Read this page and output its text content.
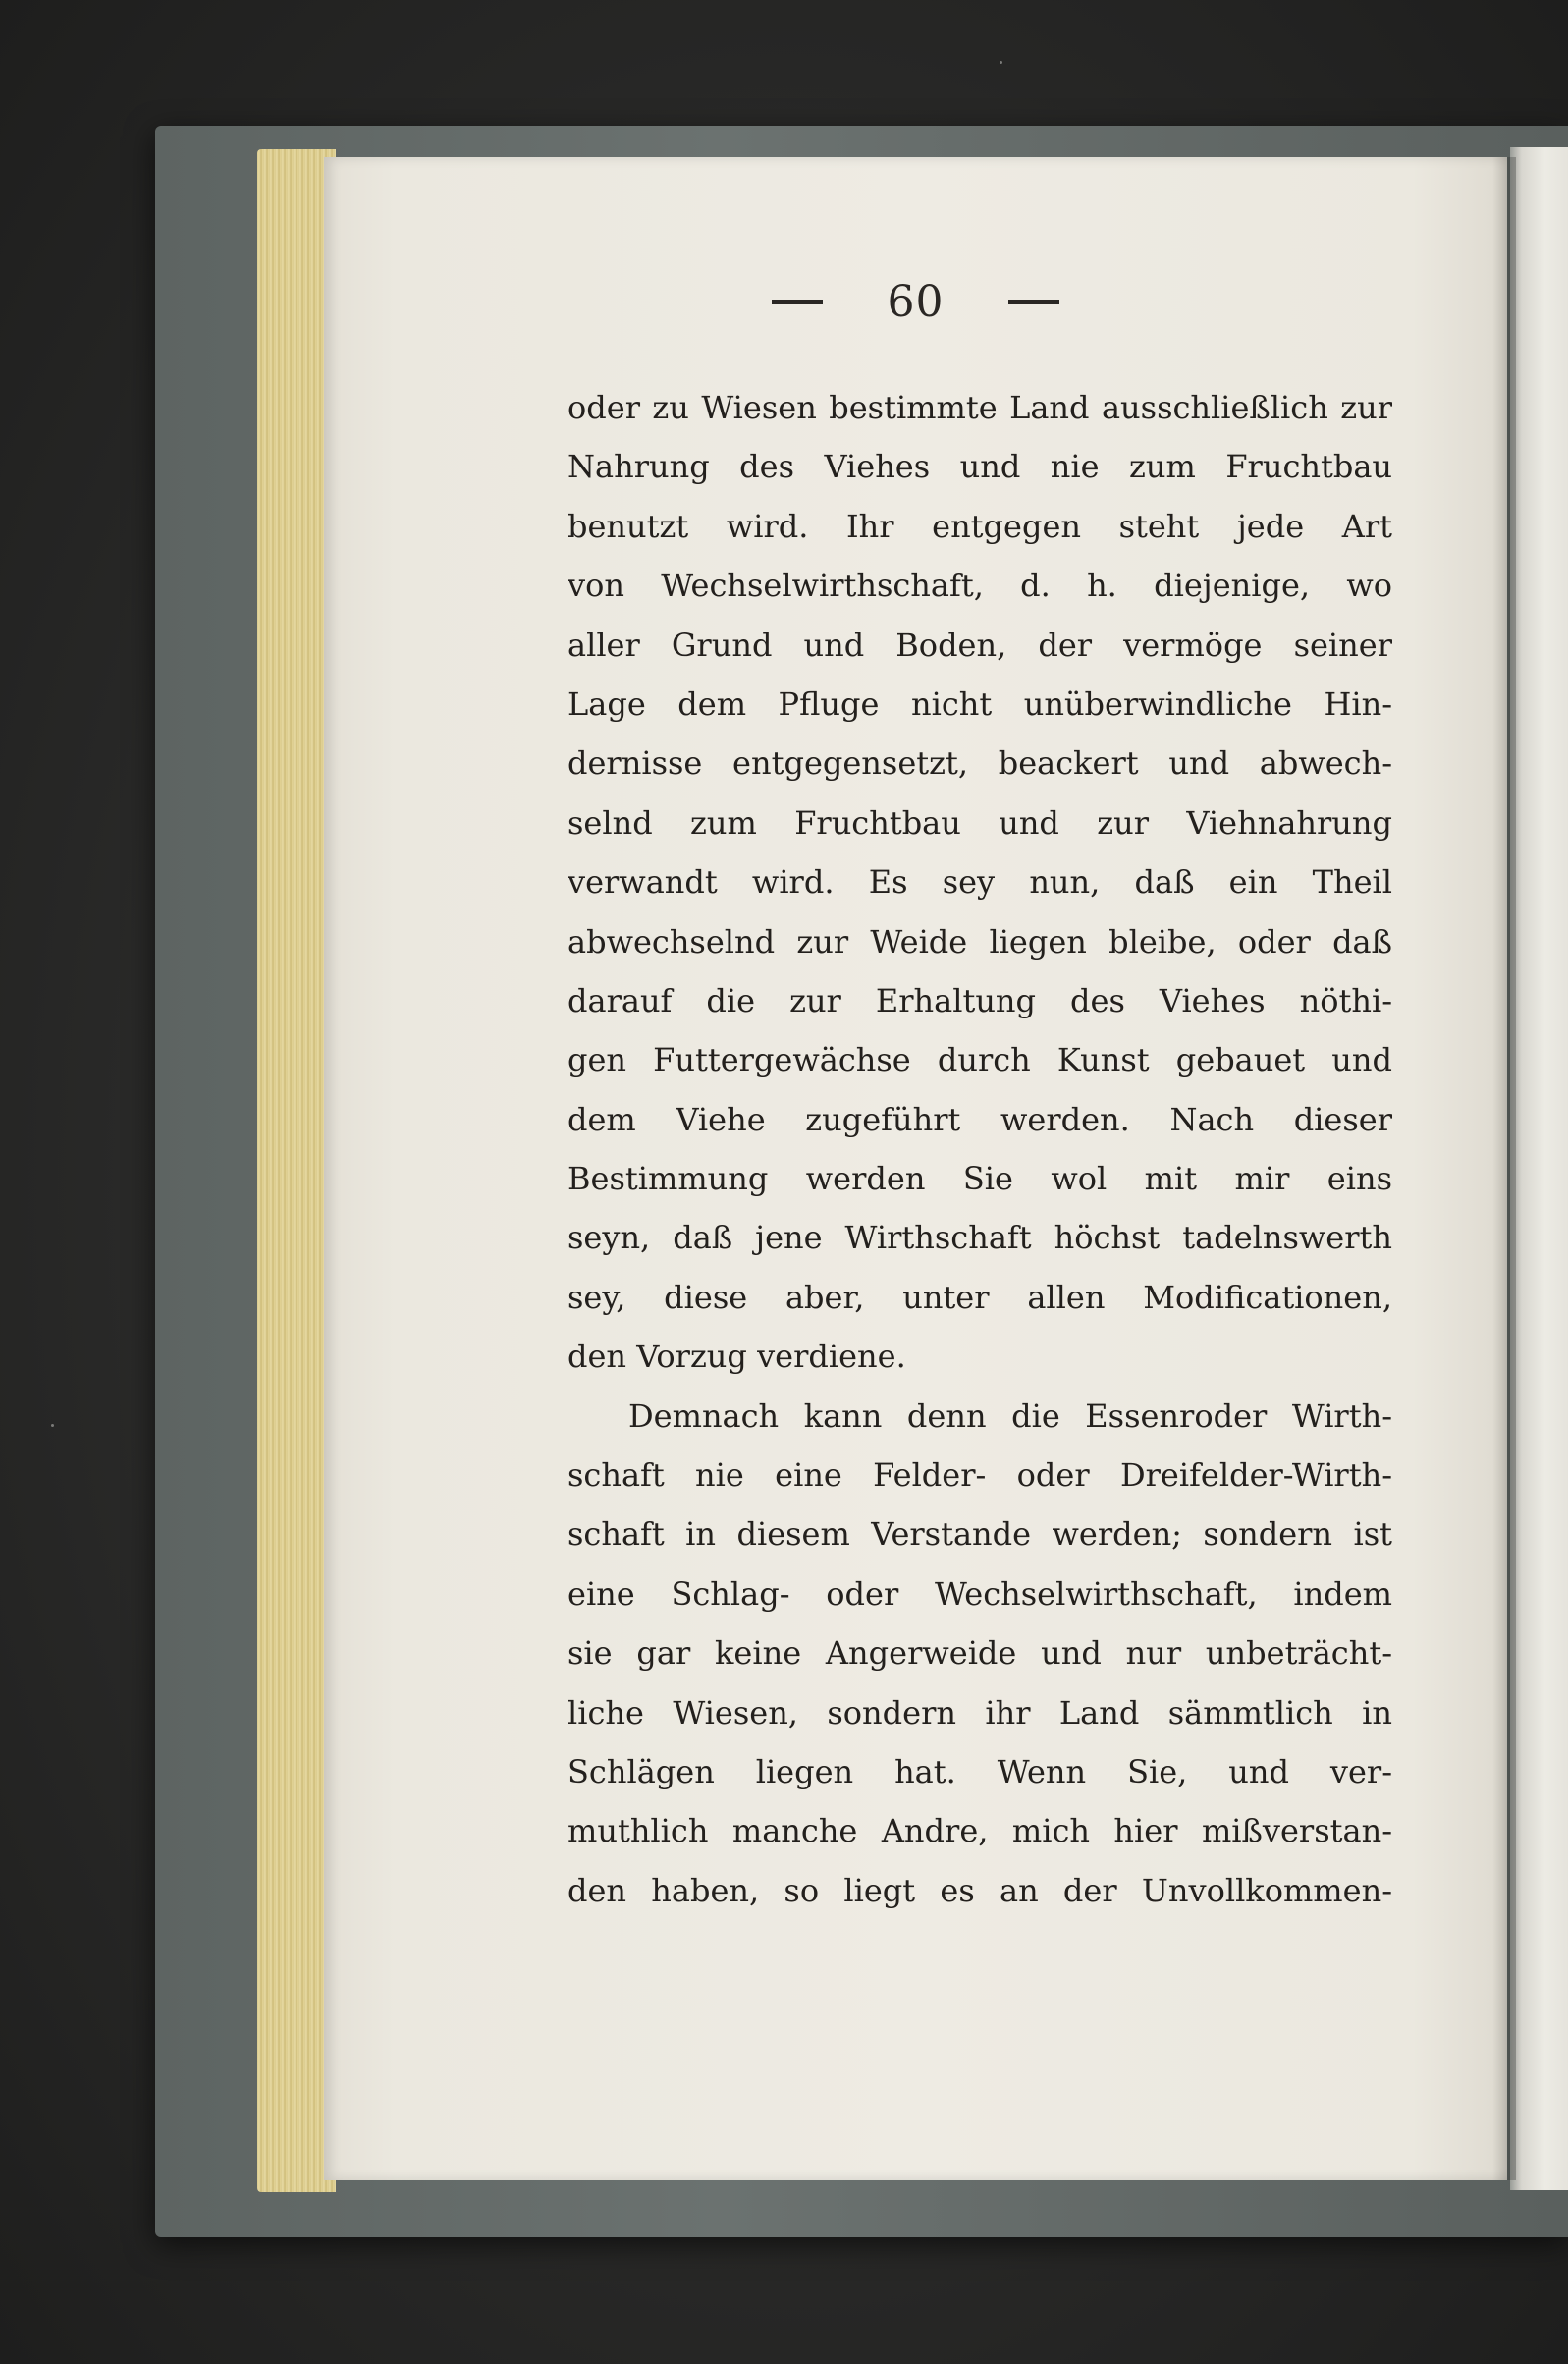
60
oder zu Wiesen bestimmte Land ausschließlich zur
Nahrung des Viehes und nie zum Fruchtbau
benutzt wird. Ihr entgegen steht jede Art
von Wechselwirthschaft, d. h. diejenige, wo
aller Grund und Boden, der vermöge seiner
Lage dem Pfluge nicht unüberwindliche Hin-
dernisse entgegensetzt, beackert und abwech-
selnd zum Fruchtbau und zur Viehnahrung
verwandt wird. Es sey nun, daß ein Theil
abwechselnd zur Weide liegen bleibe, oder daß
darauf die zur Erhaltung des Viehes nöthi-
gen Futtergewächse durch Kunst gebauet und
dem Viehe zugeführt werden. Nach dieser
Bestimmung werden Sie wol mit mir eins
seyn, daß jene Wirthschaft höchst tadelnswerth
sey, diese aber, unter allen Modificationen,
den Vorzug verdiene.
Demnach kann denn die Essenroder Wirth-
schaft nie eine Felder- oder Dreifelder-Wirth-
schaft in diesem Verstande werden; sondern ist
eine Schlag- oder Wechselwirthschaft, indem
sie gar keine Angerweide und nur unbeträcht-
liche Wiesen, sondern ihr Land sämmtlich in
Schlägen liegen hat. Wenn Sie, und ver-
muthlich manche Andre, mich hier mißverstan-
den haben, so liegt es an der Unvollkommen-
